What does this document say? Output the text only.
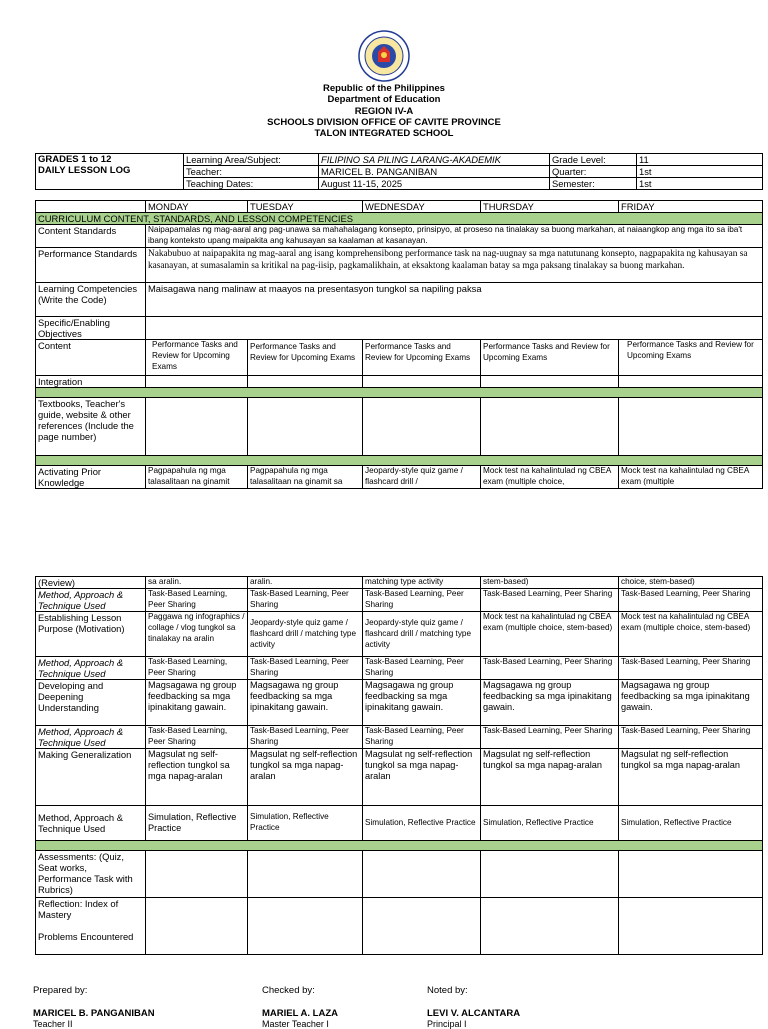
Republic of the Philippines
Department of Education
REGION IV-A
SCHOOLS DIVISION OFFICE OF CAVITE PROVINCE
TALON INTEGRATED SCHOOL
GRADES 1 to 12
DAILY LESSON LOG	Learning Area/Subject:	FILIPINO SA PILING LARANG-AKADEMIK	Grade Level:	11
	Teacher:	MARICEL B. PANGANIBAN	Quarter:	1st
	Teaching Dates:	August 11-15, 2025	Semester:	1st
	MONDAY	TUESDAY	WEDNESDAY	THURSDAY	FRIDAY
CURRICULUM CONTENT, STANDARDS, AND LESSON COMPETENCIES					
Content Standards	Naipapamalas ng mag-aaral ang pag-unawa sa mahahalagang konsepto, prinsipyo, at proseso na tinalakay sa buong markahan, at naiaangkop ang mga ito sa iba't ibang konteksto upang maipakita ang kahusayan sa kaalaman at kasanayan.				
Performance Standards	Nakabubuo at naipapakita ng mag-aaral ang isang komprehensibong performance task na nag-uugnay sa mga natutunang konsepto, nagpapakita ng kahusayan sa kasanayan, at sumasalamin sa kritikal na pag-iisip, pagkamalikhain, at eksaktong kaalaman batay sa mga paksang tinalakay sa buong markahan.				
Learning Competencies (Write the Code)	Maisagawa nang malinaw at maayos na presentasyon tungkol sa napiling paksa				
Specific/Enabling Objectives					
Content	Performance Tasks and Review for Upcoming Exams	Performance Tasks and Review for Upcoming Exams	Performance Tasks and Review for Upcoming Exams	Performance Tasks and Review for Upcoming Exams	Performance Tasks and Review for Upcoming Exams
Integration					

Textbooks, Teacher's guide, website & other references (Include the page number)					

Activating Prior Knowledge	Pagpapahula ng mga talasalitaan na ginamit	Pagpapahula ng mga talasalitaan na ginamit sa	Jeopardy-style quiz game / flashcard drill /	Mock test na kahalintulad ng CBEA exam (multiple choice,	Mock test na kahalintulad ng CBEA exam (multiple
(Review)	sa aralin.	aralin.	matching type activity	stem-based)	choice, stem-based)
Method, Approach & Technique Used	Task-Based Learning, Peer Sharing	Task-Based Learning, Peer Sharing	Task-Based Learning, Peer Sharing	Task-Based Learning, Peer Sharing	Task-Based Learning, Peer Sharing
Establishing Lesson Purpose (Motivation)	Paggawa ng infographics / collage / vlog tungkol sa tinalakay na aralin	Jeopardy-style quiz game / flashcard drill / matching type activity	Jeopardy-style quiz game / flashcard drill / matching type activity	Mock test na kahalintulad ng CBEA exam (multiple choice, stem-based)	Mock test na kahalintulad ng CBEA exam (multiple choice, stem-based)
Method, Approach & Technique Used	Task-Based Learning, Peer Sharing	Task-Based Learning, Peer Sharing	Task-Based Learning, Peer Sharing	Task-Based Learning, Peer Sharing	Task-Based Learning, Peer Sharing
Developing and Deepening Understanding	Magsagawa ng group feedbacking sa mga ipinakitang gawain.	Magsagawa ng group feedbacking sa mga ipinakitang gawain.	Magsagawa ng group feedbacking sa mga ipinakitang gawain.	Magsagawa ng group feedbacking sa mga ipinakitang gawain.	Magsagawa ng group feedbacking sa mga ipinakitang gawain.
Method, Approach & Technique Used	Task-Based Learning, Peer Sharing	Task-Based Learning, Peer Sharing	Task-Based Learning, Peer Sharing	Task-Based Learning, Peer Sharing	Task-Based Learning, Peer Sharing
Making Generalization	Magsulat ng self-reflection tungkol sa mga napag-aralan	Magsulat ng self-reflection tungkol sa mga napag-aralan	Magsulat ng self-reflection tungkol sa mga napag-aralan	Magsulat ng self-reflection tungkol sa mga napag-aralan	Magsulat ng self-reflection tungkol sa mga napag-aralan
Method, Approach & Technique Used	Simulation, Reflective Practice	Simulation, Reflective Practice	Simulation, Reflective Practice	Simulation, Reflective Practice	Simulation, Reflective Practice

Assessments: (Quiz, Seat works, Performance Task with Rubrics)					

Reflection: Index of Mastery
Problems Encountered					

Prepared by:	Checked by:	Noted by:
MARICEL B. PANGANIBAN	MARIEL A. LAZA	LEVI V. ALCANTARA
Teacher II	Master Teacher I	Principal I
